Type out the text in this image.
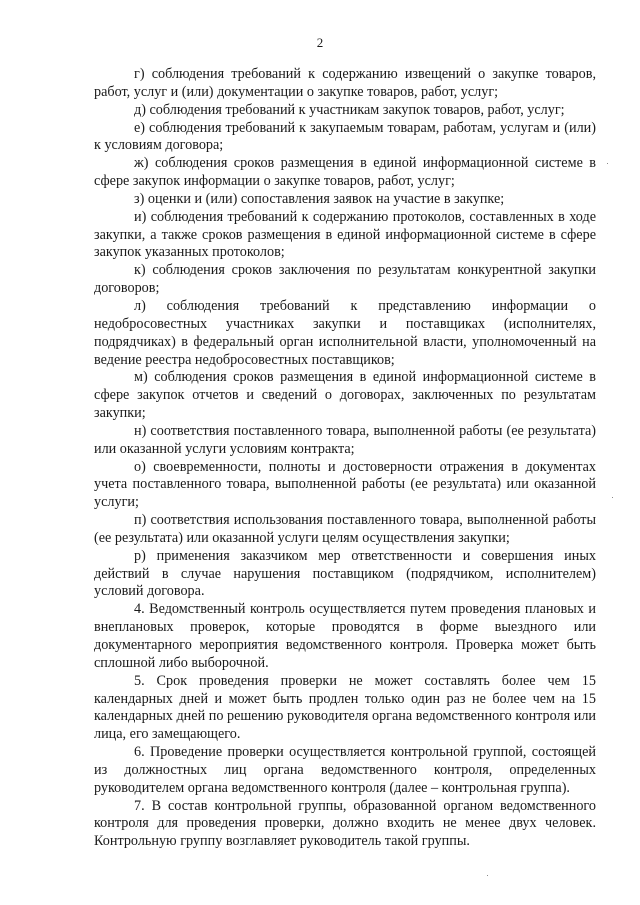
2

г) соблюдения требований к содержанию извещений о закупке товаров, работ, услуг и (или) документации о закупке товаров, работ, услуг;

д) соблюдения требований к участникам закупок товаров, работ, услуг;

е) соблюдения требований к закупаемым товарам, работам, услугам и (или) к условиям договора;

ж) соблюдения сроков размещения в единой информационной системе в сфере закупок информации о закупке товаров, работ, услуг;

з) оценки и (или) сопоставления заявок на участие в закупке;

и) соблюдения требований к содержанию протоколов, составленных в ходе закупки, а также сроков размещения в единой информационной системе в сфере закупок указанных протоколов;

к) соблюдения сроков заключения по результатам конкурентной закупки договоров;

л) соблюдения требований к представлению информации о недобросовестных участниках закупки и поставщиках (исполнителях, подрядчиках) в федеральный орган исполнительной власти, уполномоченный на ведение реестра недобросовестных поставщиков;

м) соблюдения сроков размещения в единой информационной системе в сфере закупок отчетов и сведений о договорах, заключенных по результатам закупки;

н) соответствия поставленного товара, выполненной работы (ее результата) или оказанной услуги условиям контракта;

о) своевременности, полноты и достоверности отражения в документах учета поставленного товара, выполненной работы (ее результата) или оказанной услуги;

п) соответствия использования поставленного товара, выполненной работы (ее результата) или оказанной услуги целям осуществления закупки;

р) применения заказчиком мер ответственности и совершения иных действий в случае нарушения поставщиком (подрядчиком, исполнителем) условий договора.

4. Ведомственный контроль осуществляется путем проведения плановых и внеплановых проверок, которые проводятся в форме выездного или документарного мероприятия ведомственного контроля. Проверка может быть сплошной либо выборочной.

5. Срок проведения проверки не может составлять более чем 15 календарных дней и может быть продлен только один раз не более чем на 15 календарных дней по решению руководителя органа ведомственного контроля или лица, его замещающего.

6. Проведение проверки осуществляется контрольной группой, состоящей из должностных лиц органа ведомственного контроля, определенных руководителем органа ведомственного контроля (далее – контрольная группа).

7. В состав контрольной группы, образованной органом ведомственного контроля для проведения проверки, должно входить не менее двух человек. Контрольную группу возглавляет руководитель такой группы.
